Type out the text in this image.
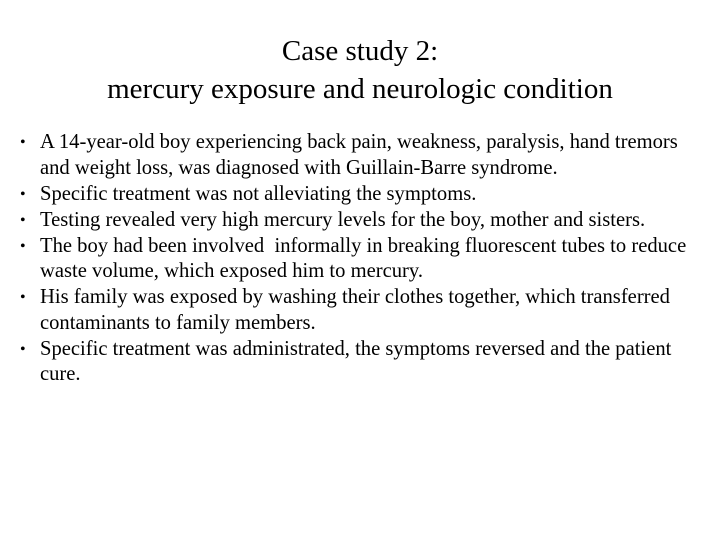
Case study 2:
mercury exposure and neurologic condition
• A 14-year-old boy experiencing back pain, weakness, paralysis, hand tremors and weight loss, was diagnosed with Guillain-Barre syndrome.
• Specific treatment was not alleviating the symptoms.
• Testing revealed very high mercury levels for the boy, mother and sisters.
• The boy had been involved  informally in breaking fluorescent tubes to reduce waste volume, which exposed him to mercury.
• His family was exposed by washing their clothes together, which transferred contaminants to family members.
• Specific treatment was administrated, the symptoms reversed and the patient cure.
